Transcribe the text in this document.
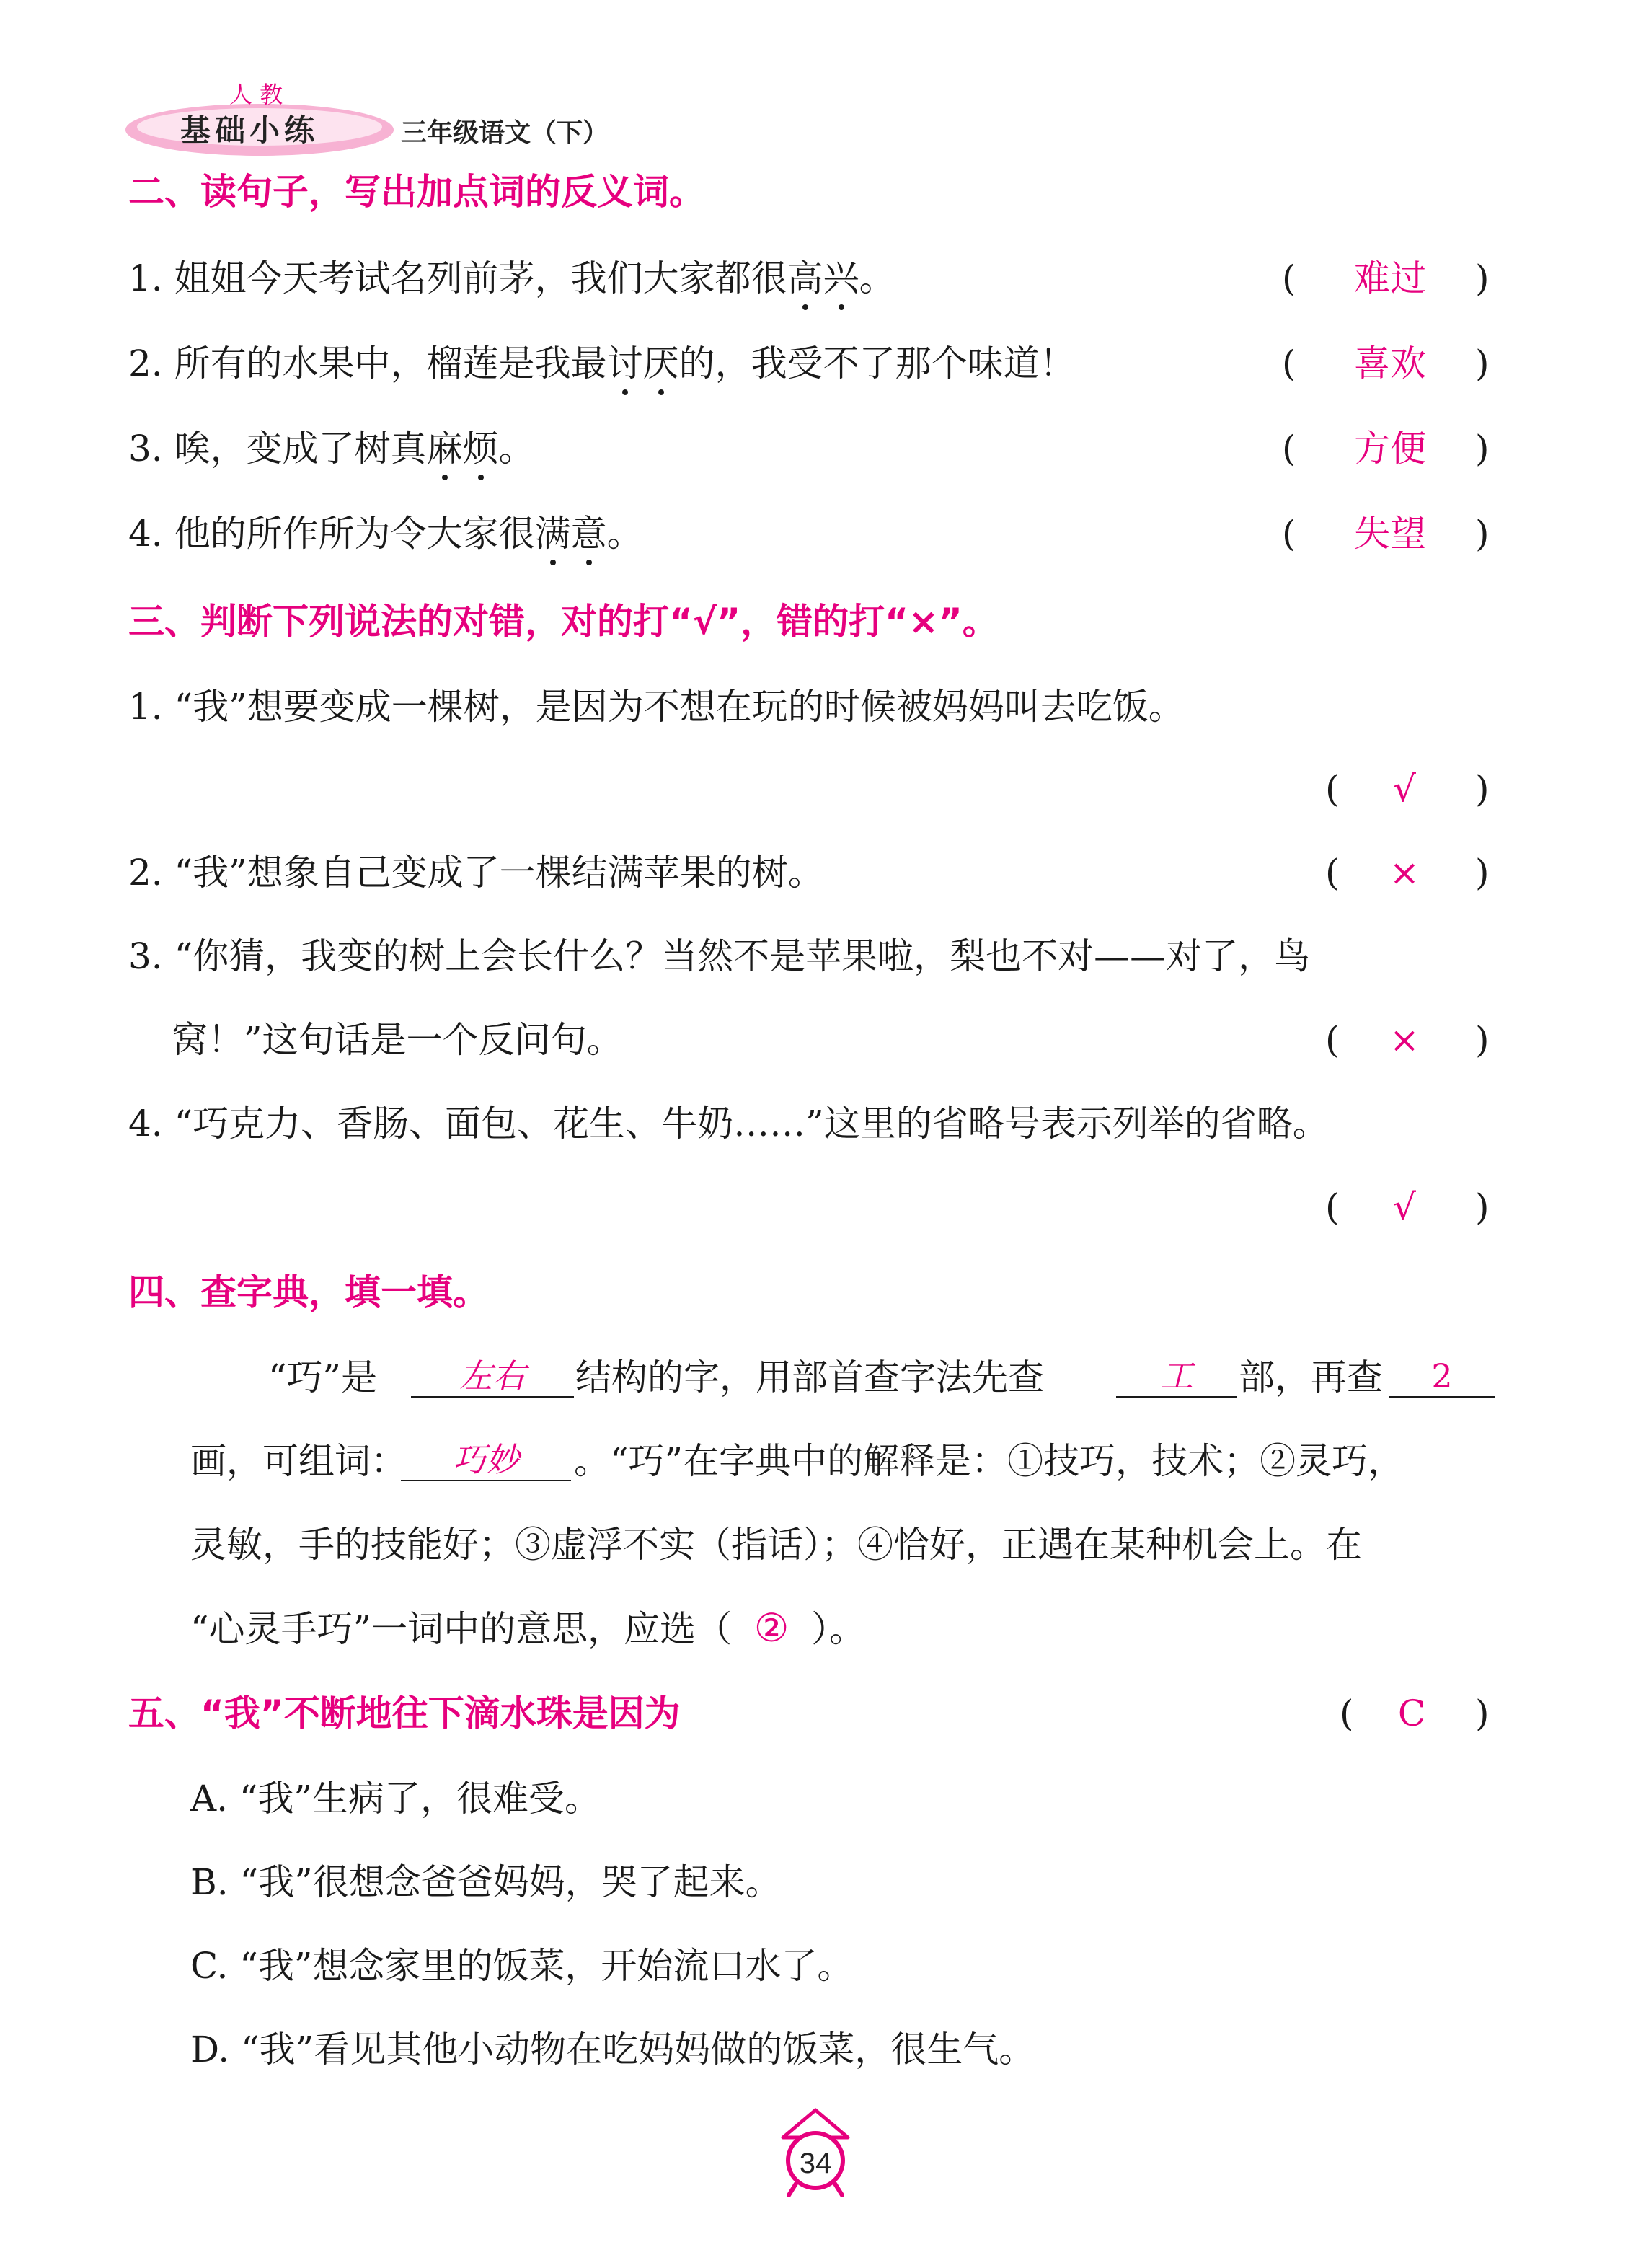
人 教
基础小练	三年级语文（下）
二、读句子，写出加点词的反义词。
1. 姐姐今天考试名列前茅，我们大家都很高兴。	(	难过	)
2. 所有的水果中，榴莲是我最讨厌的，我受不了那个味道！	(	喜欢	)
3. 唉，变成了树真麻烦。	(	方便	)
4. 他的所作所为令大家很满意。	(	失望	)
三、判断下列说法的对错，对的打“√”，错的打“×”。
1. “我”想要变成一棵树，是因为不想在玩的时候被妈妈叫去吃饭。
(	√	)
2. “我”想象自己变成了一棵结满苹果的树。	(	×	)
3. “你猜，我变的树上会长什么？当然不是苹果啦，梨也不对——对了，鸟
窝！”这句话是一个反问句。	(	×	)
4. “巧克力、香肠、面包、花生、牛奶……”这里的省略号表示列举的省略。
(	√	)
四、查字典，填一填。
“巧”是	左右	结构的字，用部首查字法先查	工	部，再查	2
画，可组词：	巧妙	。“巧”在字典中的解释是：①技巧，技术；②灵巧，
灵敏，手的技能好；③虚浮不实（指话）；④恰好，正遇在某种机会上。在
“心灵手巧”一词中的意思，应选（ ② ）。
五、“我”不断地往下滴水珠是因为	(	C	)
A. “我”生病了，很难受。
B. “我”很想念爸爸妈妈，哭了起来。
C. “我”想念家里的饭菜，开始流口水了。
D. “我”看见其他小动物在吃妈妈做的饭菜，很生气。
34
